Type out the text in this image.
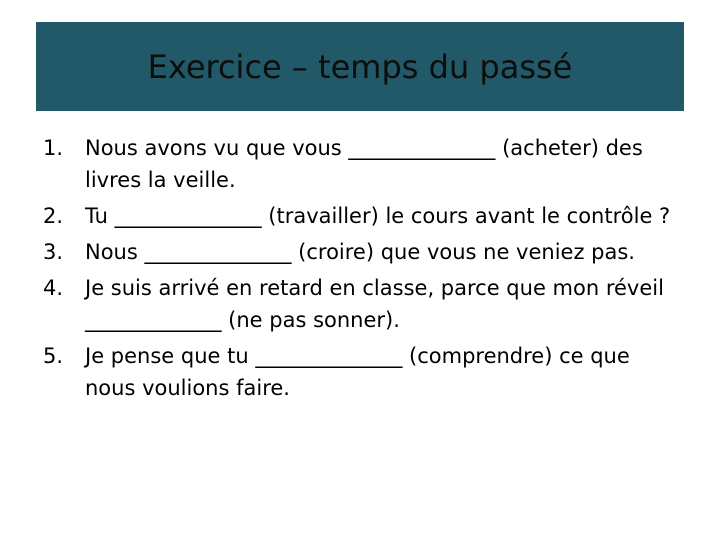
Exercice – temps du passé
1. Nous avons vu que vous ______________ (acheter) des livres la veille.
2. Tu ______________ (travailler) le cours avant le contrôle ?
3. Nous ______________ (croire) que vous ne veniez pas.
4. Je suis arrivé en retard en classe, parce que mon réveil _____________ (ne pas sonner).
5. Je pense que tu ______________ (comprendre) ce que nous voulions faire.
